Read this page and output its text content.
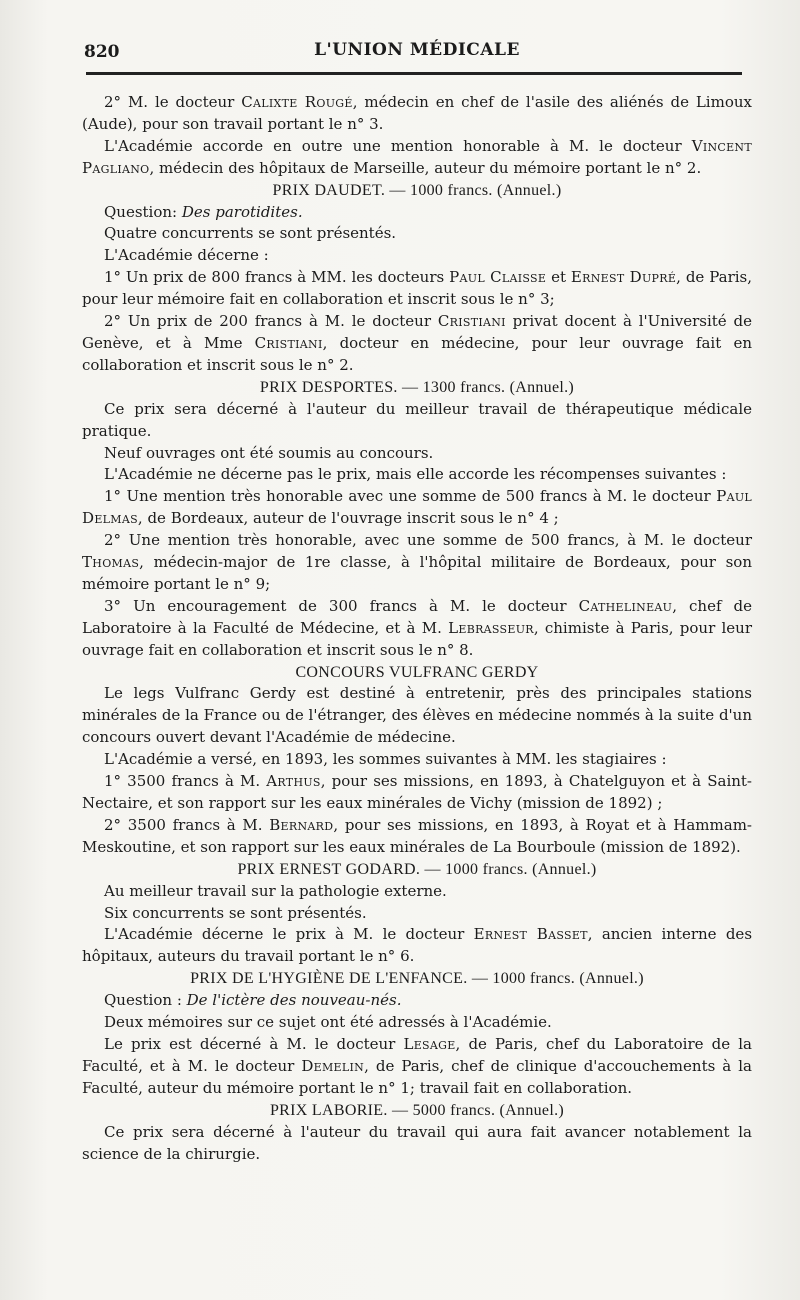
820	L'UNION MÉDICALE

2° M. le docteur Calixte Rougé, médecin en chef de l'asile des aliénés de Limoux (Aude), pour son travail portant le n° 3.

L'Académie accorde en outre une mention honorable à M. le docteur Vincent Pagliano, médecin des hôpitaux de Marseille, auteur du mémoire portant le n° 2.

PRIX DAUDET. — 1000 francs. (Annuel.)

Question: Des parotidites.

Quatre concurrents se sont présentés.

L'Académie décerne :

1° Un prix de 800 francs à MM. les docteurs Paul Claisse et Ernest Dupré, de Paris, pour leur mémoire fait en collaboration et inscrit sous le n° 3;

2° Un prix de 200 francs à M. le docteur Cristiani privat docent à l'Université de Genève, et à Mme Cristiani, docteur en médecine, pour leur ouvrage fait en collaboration et inscrit sous le n° 2.

PRIX DESPORTES. — 1300 francs. (Annuel.)

Ce prix sera décerné à l'auteur du meilleur travail de thérapeutique médicale pratique.

Neuf ouvrages ont été soumis au concours.

L'Académie ne décerne pas le prix, mais elle accorde les récompenses suivantes :

1° Une mention très honorable avec une somme de 500 francs à M. le docteur Paul Delmas, de Bordeaux, auteur de l'ouvrage inscrit sous le n° 4 ;

2° Une mention très honorable, avec une somme de 500 francs, à M. le docteur Thomas, médecin-major de 1re classe, à l'hôpital militaire de Bordeaux, pour son mémoire portant le n° 9;

3° Un encouragement de 300 francs à M. le docteur Cathelineau, chef de Laboratoire à la Faculté de Médecine, et à M. Lebrasseur, chimiste à Paris, pour leur ouvrage fait en collaboration et inscrit sous le n° 8.

CONCOURS VULFRANC GERDY

Le legs Vulfranc Gerdy est destiné à entretenir, près des principales stations minérales de la France ou de l'étranger, des élèves en médecine nommés à la suite d'un concours ouvert devant l'Académie de médecine.

L'Académie a versé, en 1893, les sommes suivantes à MM. les stagiaires :

1° 3500 francs à M. Arthus, pour ses missions, en 1893, à Chatelguyon et à Saint-Nectaire, et son rapport sur les eaux minérales de Vichy (mission de 1892) ;

2° 3500 francs à M. Bernard, pour ses missions, en 1893, à Royat et à Hammam-Meskoutine, et son rapport sur les eaux minérales de La Bourboule (mission de 1892).

PRIX ERNEST GODARD. — 1000 francs. (Annuel.)

Au meilleur travail sur la pathologie externe.

Six concurrents se sont présentés.

L'Académie décerne le prix à M. le docteur Ernest Basset, ancien interne des hôpitaux, auteurs du travail portant le n° 6.

PRIX DE L'HYGIÈNE DE L'ENFANCE. — 1000 francs. (Annuel.)

Question : De l'ictère des nouveau-nés.

Deux mémoires sur ce sujet ont été adressés à l'Académie.

Le prix est décerné à M. le docteur Lesage, de Paris, chef du Laboratoire de la Faculté, et à M. le docteur Demelin, de Paris, chef de clinique d'accouchements à la Faculté, auteur du mémoire portant le n° 1; travail fait en collaboration.

PRIX LABORIE. — 5000 francs. (Annuel.)

Ce prix sera décerné à l'auteur du travail qui aura fait avancer notablement la science de la chirurgie.
